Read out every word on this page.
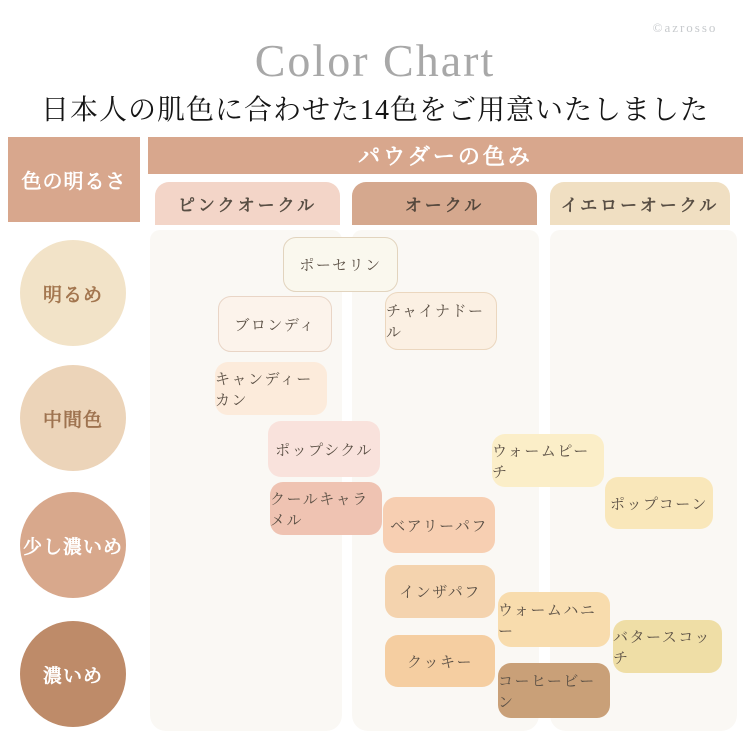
©azrosso
Color Chart
日本人の肌色に合わせた14色をご用意いたしました
色の明るさ
パウダーの色み
ピンクオークル	オークル	イエローオークル
明るめ
中間色
少し濃いめ
濃いめ
ポーセリン
ブロンディ
チャイナドール
キャンディーカン
ポップシクル	ウォームピーチ
ポップコーン
クールキャラメル	ベアリーパフ
インザパフ
ウォームハニー	バタースコッチ
クッキー
コーヒービーン
